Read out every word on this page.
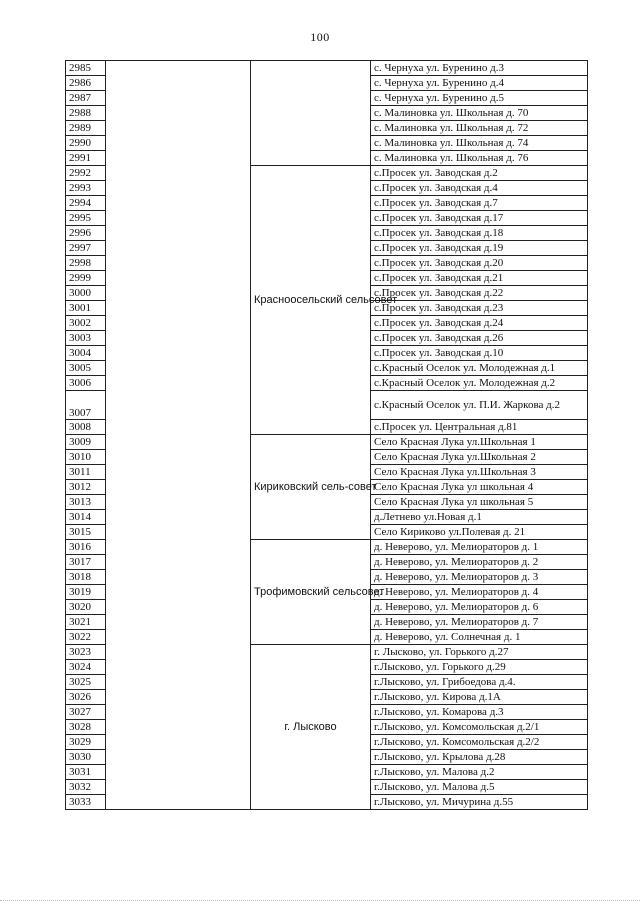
100
2985			с. Чернуха ул. Буренино д.3
2986			с. Чернуха ул. Буренино д.4
2987			с. Чернуха ул. Буренино д.5
2988			с. Малиновка ул. Школьная д. 70
2989			с. Малиновка ул. Школьная д. 72
2990			с. Малиновка ул. Школьная д. 74
2991			с. Малиновка ул. Школьная д. 76
2992		Красноосельский сельсовет	с.Просек ул. Заводская д.2
2993			с.Просек ул. Заводская д.4
2994			с.Просек ул. Заводская д.7
2995			с.Просек ул. Заводская д.17
2996			с.Просек ул. Заводская д.18
2997			с.Просек ул. Заводская д.19
2998			с.Просек ул. Заводская д.20
2999			с.Просек ул. Заводская д.21
3000			с.Просек ул. Заводская д.22
3001			с.Просек ул. Заводская д.23
3002			с.Просек ул. Заводская д.24
3003			с.Просек ул. Заводская д.26
3004			с.Просек ул. Заводская д.10
3005			с.Красный Оселок ул. Молодежная д.1
3006			с.Красный Оселок ул. Молодежная д.2
3007			с.Красный Оселок ул. П.И. Жаркова д.2
3008			с.Просек ул. Центральная д.81
3009		Кириковский сель-совет	Село Красная Лука ул.Школьная 1
3010			Село Красная Лука ул.Школьная 2
3011			Село Красная Лука ул.Школьная 3
3012			Село Красная Лука ул школьная 4
3013			Село Красная Лука ул школьная 5
3014			д.Летнево ул.Новая д.1
3015			Село Кириково ул.Полевая д. 21
3016		Трофимовский сельсовет	д. Неверово, ул. Мелиораторов д. 1
3017			д. Неверово, ул. Мелиораторов д. 2
3018			д. Неверово, ул. Мелиораторов д. 3
3019			д. Неверово, ул. Мелиораторов д. 4
3020			д. Неверово, ул. Мелиораторов д. 6
3021			д. Неверово, ул. Мелиораторов д. 7
3022			д. Неверово, ул. Солнечная д. 1
3023		г. Лысково	г. Лысково, ул. Горького д.27
3024			г.Лысково, ул. Горького д.29
3025			г.Лысково, ул. Грибоедова д.4.
3026			г.Лысково, ул. Кирова д.1А
3027			г.Лысково, ул. Комарова д.3
3028			г.Лысково, ул. Комсомольская д.2/1
3029			г.Лысково, ул. Комсомольская д.2/2
3030			г.Лысково, ул. Крылова д.28
3031			г.Лысково, ул. Малова д.2
3032			г.Лысково, ул. Малова д.5
3033			г.Лысково, ул. Мичурина д.55
